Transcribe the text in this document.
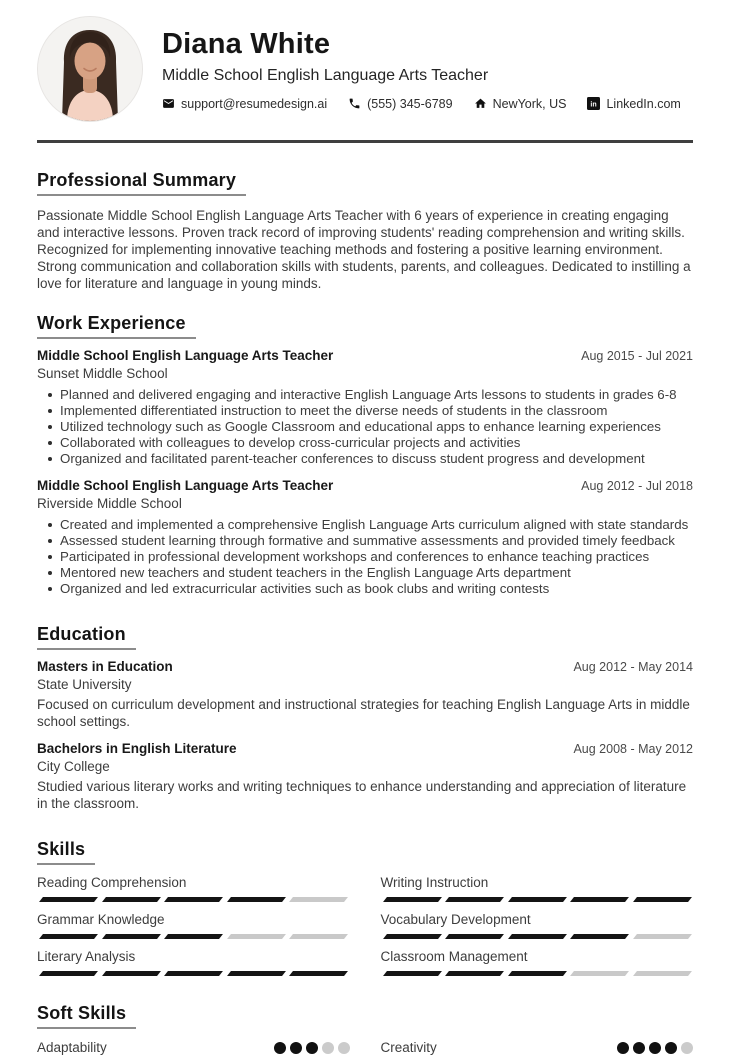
Diana White
Middle School English Language Arts Teacher
support@resumedesign.ai	(555) 345-6789	NewYork, US in LinkedIn.com
Professional Summary

Passionate Middle School English Language Arts Teacher with 6 years of experience in creating engaging and interactive lessons. Proven track record of improving students' reading comprehension and writing skills. Recognized for implementing innovative teaching methods and fostering a positive learning environment. Strong communication and collaboration skills with students, parents, and colleagues. Dedicated to instilling a love for literature and language in young minds.

Work Experience
Middle School English Language Arts Teacher	Aug 2015 - Jul 2021
Sunset Middle School
Planned and delivered engaging and interactive English Language Arts lessons to students in grades 6-8
Implemented differentiated instruction to meet the diverse needs of students in the classroom
Utilized technology such as Google Classroom and educational apps to enhance learning experiences
Collaborated with colleagues to develop cross-curricular projects and activities
Organized and facilitated parent-teacher conferences to discuss student progress and development
Middle School English Language Arts Teacher	Aug 2012 - Jul 2018
Riverside Middle School
Created and implemented a comprehensive English Language Arts curriculum aligned with state standards
Assessed student learning through formative and summative assessments and provided timely feedback
Participated in professional development workshops and conferences to enhance teaching practices
Mentored new teachers and student teachers in the English Language Arts department
Organized and led extracurricular activities such as book clubs and writing contests
Education
Masters in Education	Aug 2012 - May 2014
State University

Focused on curriculum development and instructional strategies for teaching English Language Arts in middle school settings.

Bachelors in English Literature	Aug 2008 - May 2012
City College

Studied various literary works and writing techniques to enhance understanding and appreciation of literature in the classroom.

Skills
Reading Comprehension	Writing Instruction
Grammar Knowledge	Vocabulary Development
Literary Analysis	Classroom Management
Soft Skills
Adaptability	Creativity
